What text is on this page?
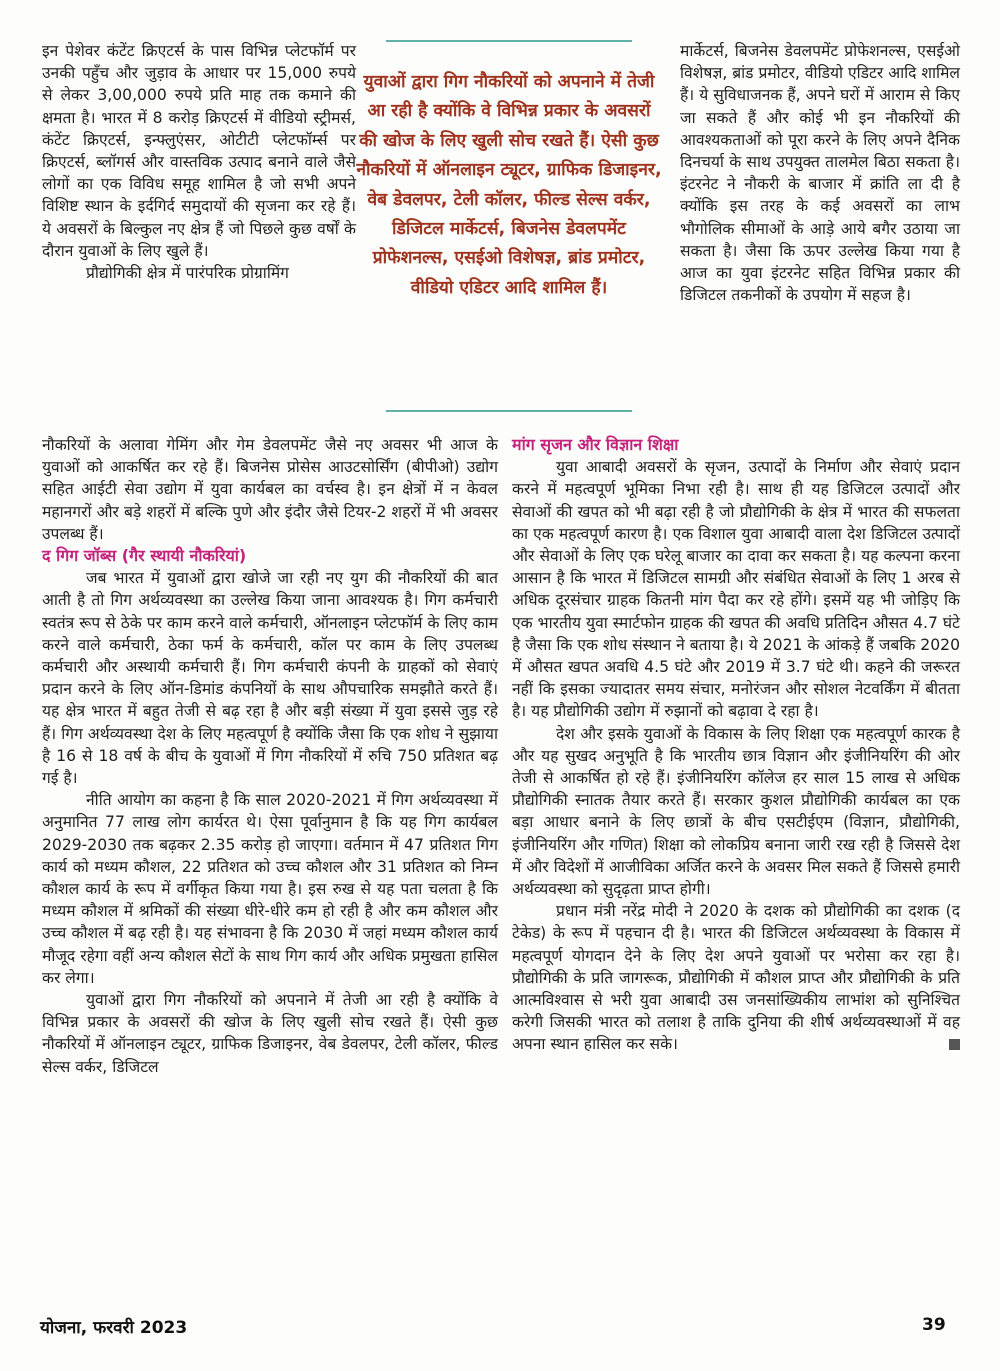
इन पेशेवर कंटेंट क्रिएटर्स के पास विभिन्न प्लेटफॉर्म पर उनकी पहुँच और जुड़ाव के आधार पर 15,000 रुपये से लेकर 3,00,000 रुपये प्रति माह तक कमाने की क्षमता है। भारत में 8 करोड़ क्रिएटर्स में वीडियो स्ट्रीमर्स, कंटेंट क्रिएटर्स, इन्फ्लुएंसर, ओटीटी प्लेटफॉर्म्स पर क्रिएटर्स, ब्लॉगर्स और वास्तविक उत्पाद बनाने वाले जैसे लोगों का एक विविध समूह शामिल है जो सभी अपने विशिष्ट स्थान के इर्दगिर्द समुदायों की सृजना कर रहे हैं। ये अवसरों के बिल्कुल नए क्षेत्र हैं जो पिछले कुछ वर्षों के दौरान युवाओं के लिए खुले हैं।

प्रौद्योगिकी क्षेत्र में पारंपरिक प्रोग्रामिंग

युवाओं द्वारा गिग नौकरियों को अपनाने में तेजी आ रही है क्योंकि वे विभिन्न प्रकार के अवसरों की खोज के लिए खुली सोच रखते हैं। ऐसी कुछ नौकरियों में ऑनलाइन ट्यूटर, ग्राफिक डिजाइनर, वेब डेवलपर, टेली कॉलर, फील्ड सेल्स वर्कर, डिजिटल मार्केटर्स, बिजनेस डेवलपमेंट प्रोफेशनल्स, एसईओ विशेषज्ञ, ब्रांड प्रमोटर, वीडियो एडिटर आदि शामिल हैं।

मार्केटर्स, बिजनेस डेवलपमेंट प्रोफेशनल्स, एसईओ विशेषज्ञ, ब्रांड प्रमोटर, वीडियो एडिटर आदि शामिल हैं। ये सुविधाजनक हैं, अपने घरों में आराम से किए जा सकते हैं और कोई भी इन नौकरियों की आवश्यकताओं को पूरा करने के लिए अपने दैनिक दिनचर्या के साथ उपयुक्त तालमेल बिठा सकता है। इंटरनेट ने नौकरी के बाजार में क्रांति ला दी है क्योंकि इस तरह के कई अवसरों का लाभ भौगोलिक सीमाओं के आड़े आये बगैर उठाया जा सकता है। जैसा कि ऊपर उल्लेख किया गया है आज का युवा इंटरनेट सहित विभिन्न प्रकार की डिजिटल तकनीकों के उपयोग में सहज है।

नौकरियों के अलावा गेमिंग और गेम डेवलपमेंट जैसे नए अवसर भी आज के युवाओं को आकर्षित कर रहे हैं। बिजनेस प्रोसेस आउटसोर्सिंग (बीपीओ) उद्योग सहित आईटी सेवा उद्योग में युवा कार्यबल का वर्चस्व है। इन क्षेत्रों में न केवल महानगरों और बड़े शहरों में बल्कि पुणे और इंदौर जैसे टियर-2 शहरों में भी अवसर उपलब्ध हैं।

द गिग जॉब्स (गैर स्थायी नौकरियां)

जब भारत में युवाओं द्वारा खोजे जा रही नए युग की नौकरियों की बात आती है तो गिग अर्थव्यवस्था का उल्लेख किया जाना आवश्यक है। गिग कर्मचारी स्वतंत्र रूप से ठेके पर काम करने वाले कर्मचारी, ऑनलाइन प्लेटफॉर्म के लिए काम करने वाले कर्मचारी, ठेका फर्म के कर्मचारी, कॉल पर काम के लिए उपलब्ध कर्मचारी और अस्थायी कर्मचारी हैं। गिग कर्मचारी कंपनी के ग्राहकों को सेवाएं प्रदान करने के लिए ऑन-डिमांड कंपनियों के साथ औपचारिक समझौते करते हैं। यह क्षेत्र भारत में बहुत तेजी से बढ़ रहा है और बड़ी संख्या में युवा इससे जुड़ रहे हैं। गिग अर्थव्यवस्था देश के लिए महत्वपूर्ण है क्योंकि जैसा कि एक शोध ने सुझाया है 16 से 18 वर्ष के बीच के युवाओं में गिग नौकरियों में रुचि 750 प्रतिशत बढ़ गई है।

नीति आयोग का कहना है कि साल 2020-2021 में गिग अर्थव्यवस्था में अनुमानित 77 लाख लोग कार्यरत थे। ऐसा पूर्वानुमान है कि यह गिग कार्यबल 2029-2030 तक बढ़कर 2.35 करोड़ हो जाएगा। वर्तमान में 47 प्रतिशत गिग कार्य को मध्यम कौशल, 22 प्रतिशत को उच्च कौशल और 31 प्रतिशत को निम्न कौशल कार्य के रूप में वर्गीकृत किया गया है। इस रुख से यह पता चलता है कि मध्यम कौशल में श्रमिकों की संख्या धीरे-धीरे कम हो रही है और कम कौशल और उच्च कौशल में बढ़ रही है। यह संभावना है कि 2030 में जहां मध्यम कौशल कार्य मौजूद रहेगा वहीं अन्य कौशल सेटों के साथ गिग कार्य और अधिक प्रमुखता हासिल कर लेगा।

युवाओं द्वारा गिग नौकरियों को अपनाने में तेजी आ रही है क्योंकि वे विभिन्न प्रकार के अवसरों की खोज के लिए खुली सोच रखते हैं। ऐसी कुछ नौकरियों में ऑनलाइन ट्यूटर, ग्राफिक डिजाइनर, वेब डेवलपर, टेली कॉलर, फील्ड सेल्स वर्कर, डिजिटल

मांग सृजन और विज्ञान शिक्षा

युवा आबादी अवसरों के सृजन, उत्पादों के निर्माण और सेवाएं प्रदान करने में महत्वपूर्ण भूमिका निभा रही है। साथ ही यह डिजिटल उत्पादों और सेवाओं की खपत को भी बढ़ा रही है जो प्रौद्योगिकी के क्षेत्र में भारत की सफलता का एक महत्वपूर्ण कारण है। एक विशाल युवा आबादी वाला देश डिजिटल उत्पादों और सेवाओं के लिए एक घरेलू बाजार का दावा कर सकता है। यह कल्पना करना आसान है कि भारत में डिजिटल सामग्री और संबंधित सेवाओं के लिए 1 अरब से अधिक दूरसंचार ग्राहक कितनी मांग पैदा कर रहे होंगे। इसमें यह भी जोड़िए कि एक भारतीय युवा स्मार्टफोन ग्राहक की खपत की अवधि प्रतिदिन औसत 4.7 घंटे है जैसा कि एक शोध संस्थान ने बताया है। ये 2021 के आंकड़े हैं जबकि 2020 में औसत खपत अवधि 4.5 घंटे और 2019 में 3.7 घंटे थी। कहने की जरूरत नहीं कि इसका ज्यादातर समय संचार, मनोरंजन और सोशल नेटवर्किंग में बीतता है। यह प्रौद्योगिकी उद्योग में रुझानों को बढ़ावा दे रहा है।

देश और इसके युवाओं के विकास के लिए शिक्षा एक महत्वपूर्ण कारक है और यह सुखद अनुभूति है कि भारतीय छात्र विज्ञान और इंजीनियरिंग की ओर तेजी से आकर्षित हो रहे हैं। इंजीनियरिंग कॉलेज हर साल 15 लाख से अधिक प्रौद्योगिकी स्नातक तैयार करते हैं। सरकार कुशल प्रौद्योगिकी कार्यबल का एक बड़ा आधार बनाने के लिए छात्रों के बीच एसटीईएम (विज्ञान, प्रौद्योगिकी, इंजीनियरिंग और गणित) शिक्षा को लोकप्रिय बनाना जारी रख रही है जिससे देश में और विदेशों में आजीविका अर्जित करने के अवसर मिल सकते हैं जिससे हमारी अर्थव्यवस्था को सुदृढ़ता प्राप्त होगी।

प्रधान मंत्री नरेंद्र मोदी ने 2020 के दशक को प्रौद्योगिकी का दशक (द टेकेड) के रूप में पहचान दी है। भारत की डिजिटल अर्थव्यवस्था के विकास में महत्वपूर्ण योगदान देने के लिए देश अपने युवाओं पर भरोसा कर रहा है। प्रौद्योगिकी के प्रति जागरूक, प्रौद्योगिकी में कौशल प्राप्त और प्रौद्योगिकी के प्रति आत्मविश्वास से भरी युवा आबादी उस जनसांख्यिकीय लाभांश को सुनिश्चित करेगी जिसकी भारत को तलाश है ताकि दुनिया की शीर्ष अर्थव्यवस्थाओं में वह अपना स्थान हासिल कर सके।

योजना, फरवरी 2023	39
